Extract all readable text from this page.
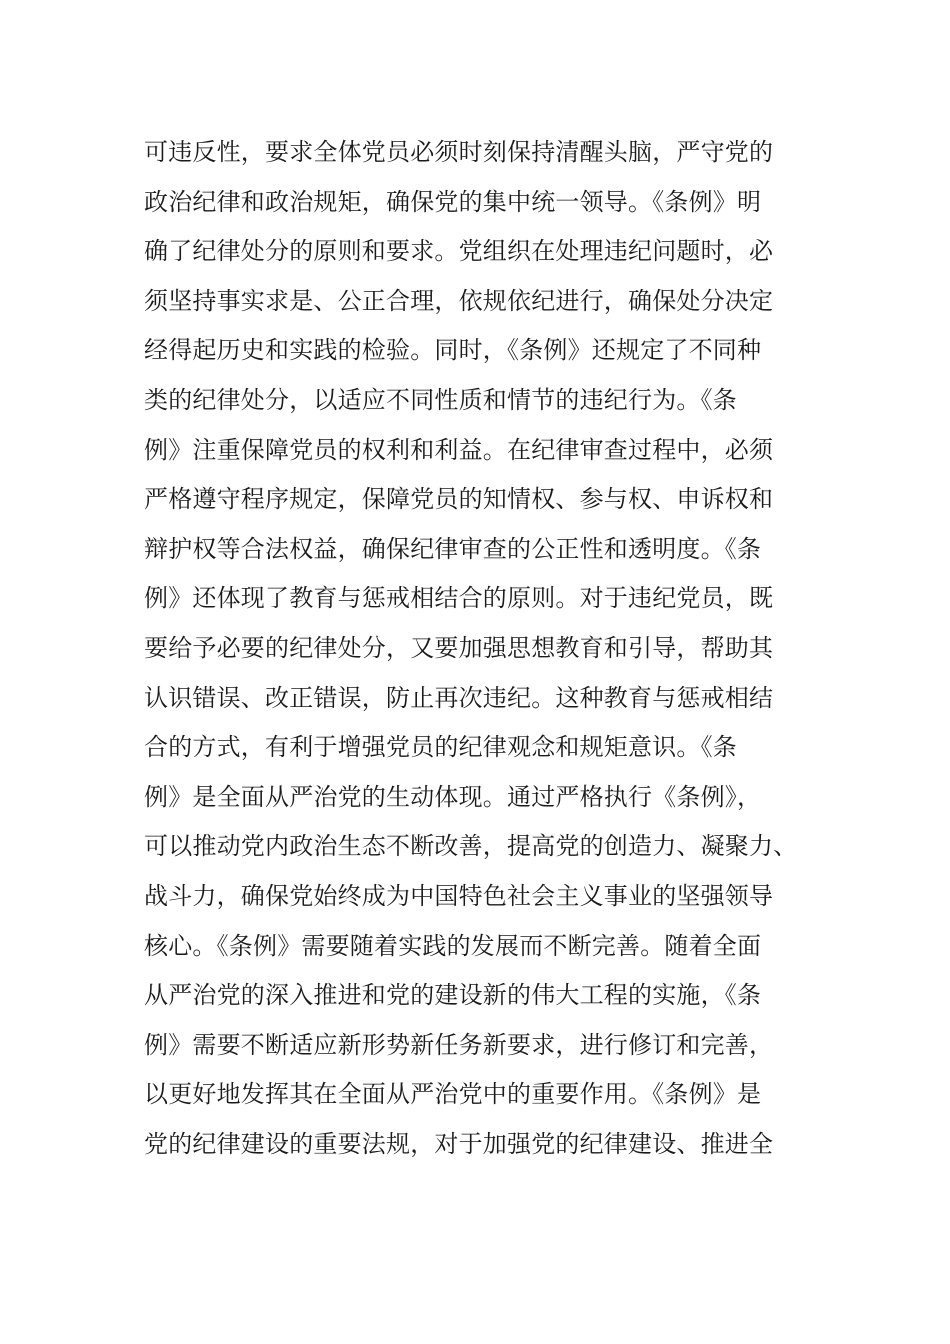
可违反性，要求全体党员必须时刻保持清醒头脑，严守党的
政治纪律和政治规矩，确保党的集中统一领导。《条例》明
确了纪律处分的原则和要求。党组织在处理违纪问题时，必
须坚持事实求是、公正合理，依规依纪进行，确保处分决定
经得起历史和实践的检验。同时，《条例》还规定了不同种
类的纪律处分，以适应不同性质和情节的违纪行为。《条
例》注重保障党员的权利和利益。在纪律审查过程中，必须
严格遵守程序规定，保障党员的知情权、参与权、申诉权和
辩护权等合法权益，确保纪律审查的公正性和透明度。《条
例》还体现了教育与惩戒相结合的原则。对于违纪党员，既
要给予必要的纪律处分，又要加强思想教育和引导，帮助其
认识错误、改正错误，防止再次违纪。这种教育与惩戒相结
合的方式，有利于增强党员的纪律观念和规矩意识。《条
例》是全面从严治党的生动体现。通过严格执行《条例》，
可以推动党内政治生态不断改善，提高党的创造力、凝聚力、
战斗力，确保党始终成为中国特色社会主义事业的坚强领导
核心。《条例》需要随着实践的发展而不断完善。随着全面
从严治党的深入推进和党的建设新的伟大工程的实施，《条
例》需要不断适应新形势新任务新要求，进行修订和完善，
以更好地发挥其在全面从严治党中的重要作用。《条例》是
党的纪律建设的重要法规，对于加强党的纪律建设、推进全
